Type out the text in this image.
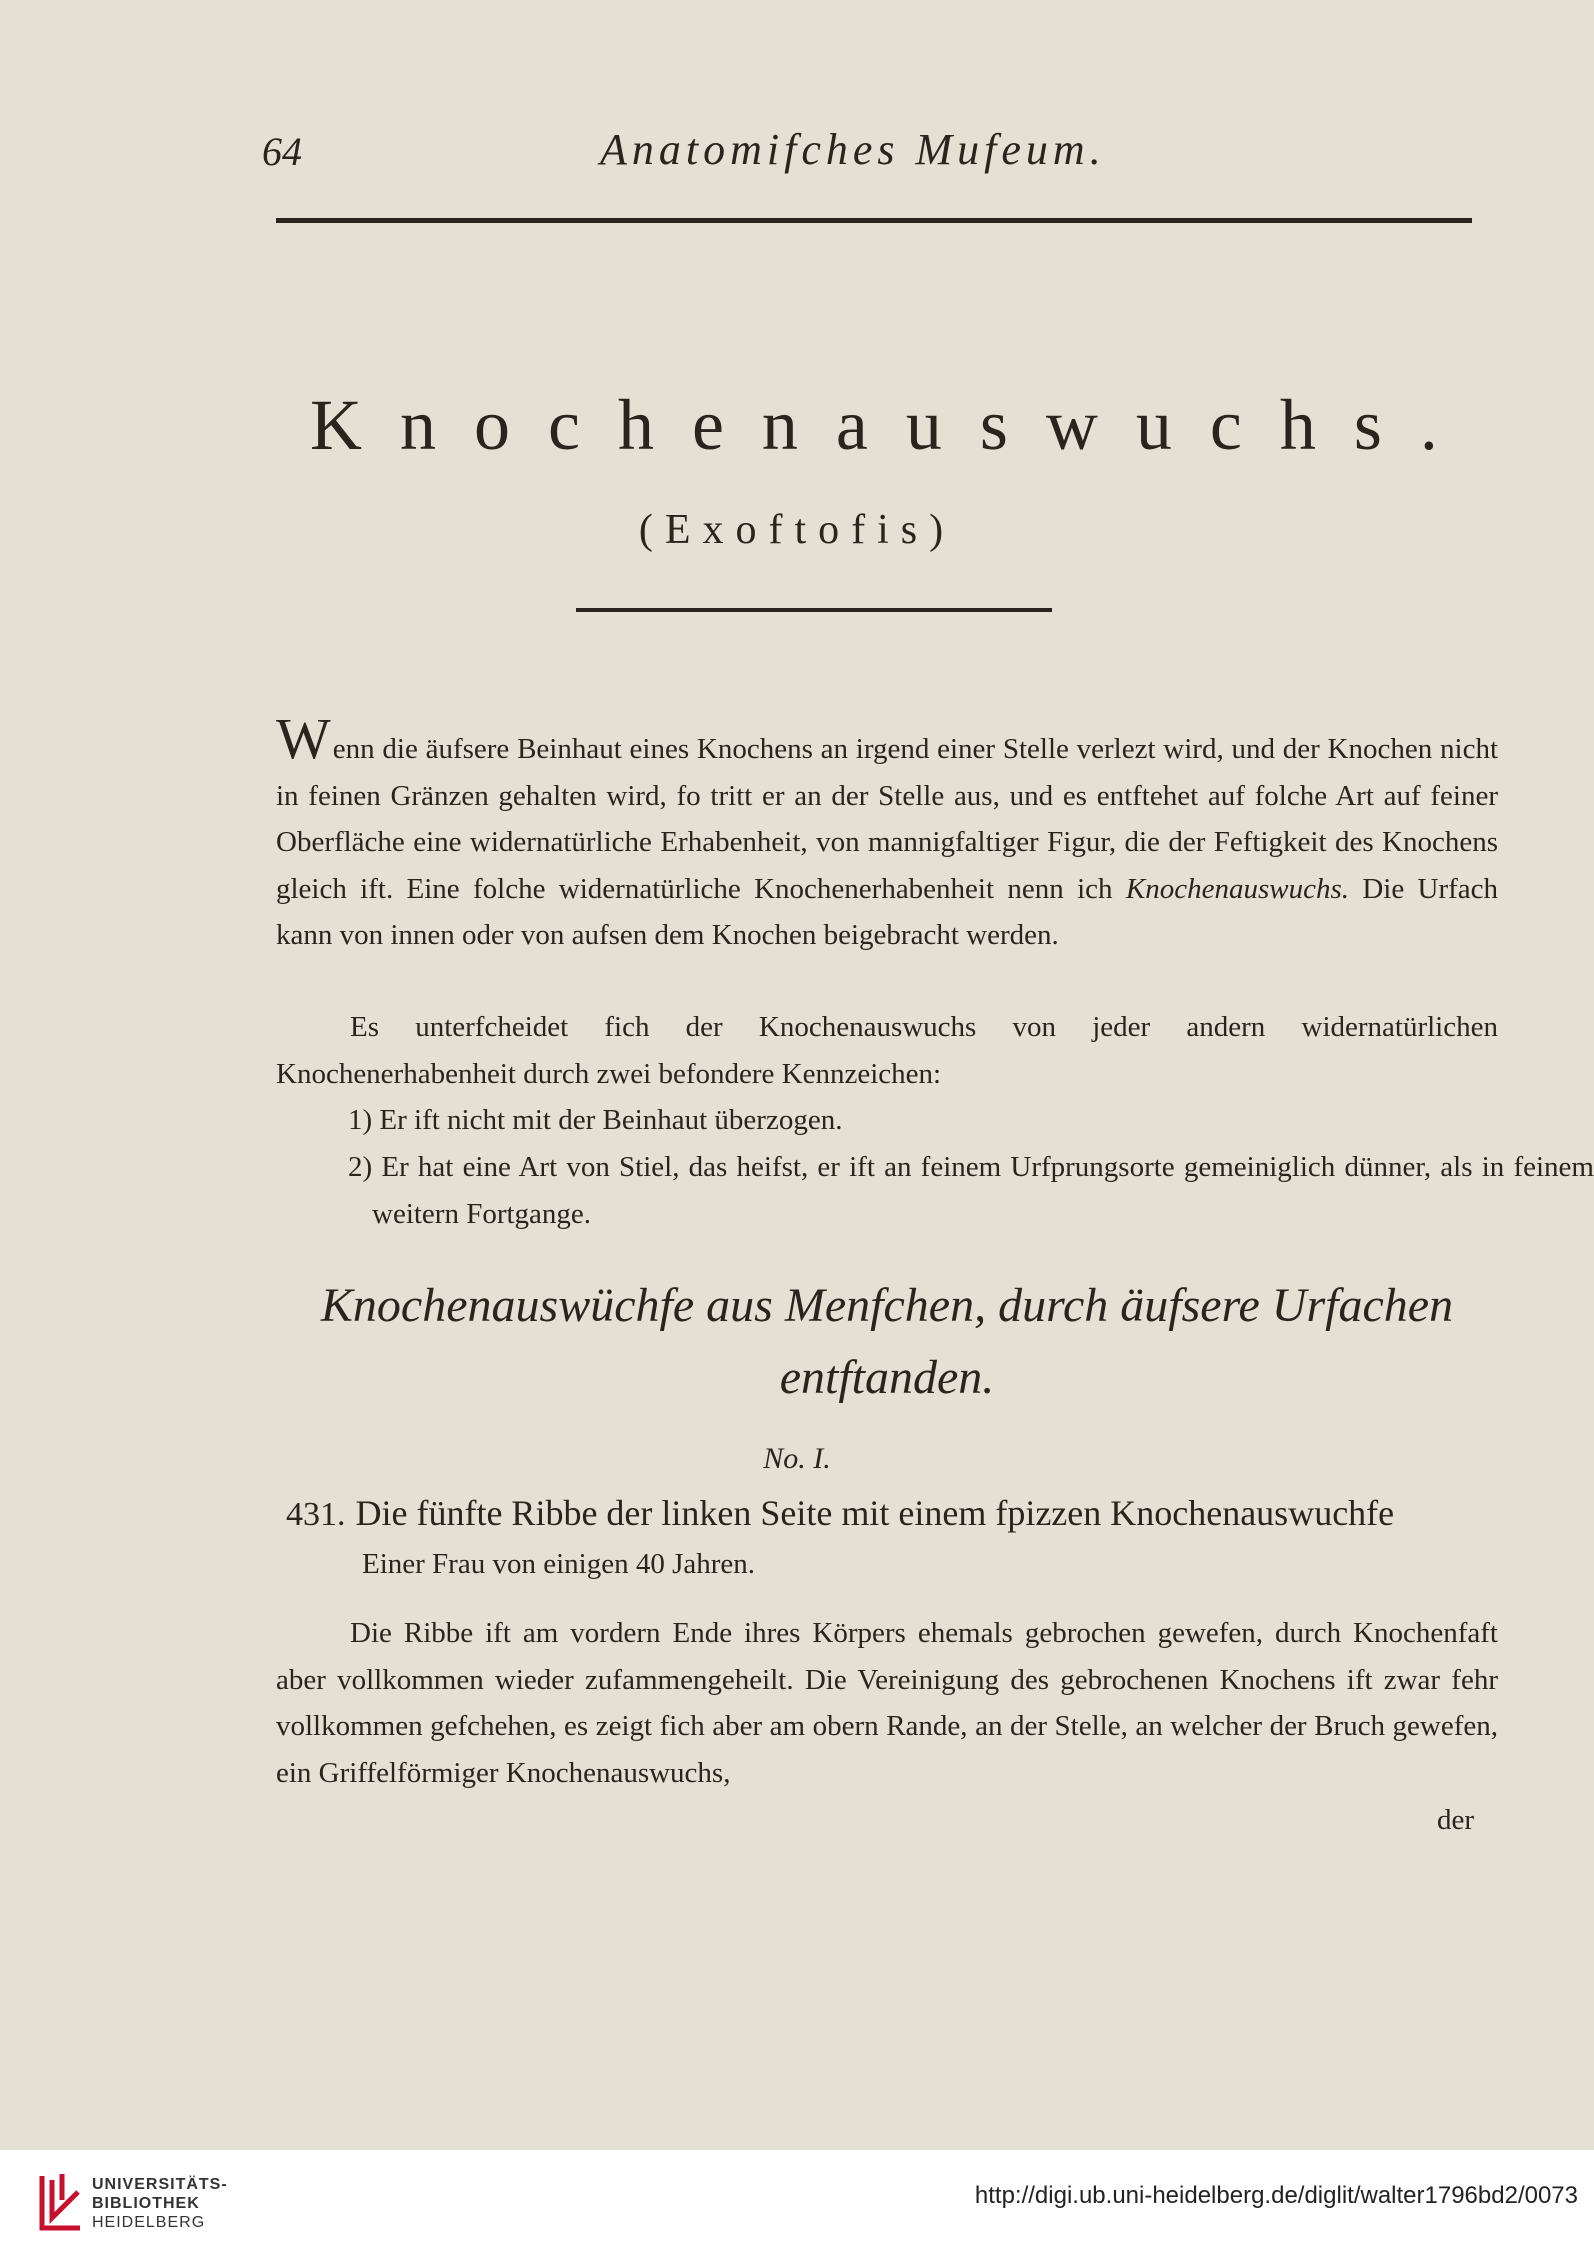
64	Anatomifches Mufeum.
Knochenauswuchs.
(Exoftofis)

Wenn die äufsere Beinhaut eines Knochens an irgend einer Stelle verlezt wird, und der Knochen nicht in feinen Gränzen gehalten wird, fo tritt er an der Stelle aus, und es entftehet auf folche Art auf feiner Oberfläche eine widernatürliche Erhabenheit, von mannigfaltiger Figur, die der Feftigkeit des Knochens gleich ift. Eine folche widernatürliche Knochenerhabenheit nenn ich Knochenauswuchs. Die Urfach kann von innen oder von aufsen dem Knochen beigebracht werden.

Es unterfcheidet fich der Knochenauswuchs von jeder andern widernatürlichen Knochenerhabenheit durch zwei befondere Kennzeichen:

1) Er ift nicht mit der Beinhaut überzogen.

2) Er hat eine Art von Stiel, das heifst, er ift an feinem Urfprungsorte gemeiniglich dünner, als in feinem weitern Fortgange.

Knochenauswüchfe aus Menfchen, durch äufsere Urfachen entftanden.

No. I.
431. Die fünfte Ribbe der linken Seite mit einem fpizzen Knochenauswuchfe
Einer Frau von einigen 40 Jahren.

Die Ribbe ift am vordern Ende ihres Körpers ehemals gebrochen gewefen, durch Knochenfaft aber vollkommen wieder zufammengeheilt. Die Vereinigung des gebrochenen Knochens ift zwar fehr vollkommen gefchehen, es zeigt fich aber am obern Rande, an der Stelle, an welcher der Bruch gewefen, ein Griffelförmiger Knochenauswuchs,

der
UNIVERSITÄTS-
BIBLIOTHEK
HEIDELBERG
http://digi.ub.uni-heidelberg.de/diglit/walter1796bd2/0073
